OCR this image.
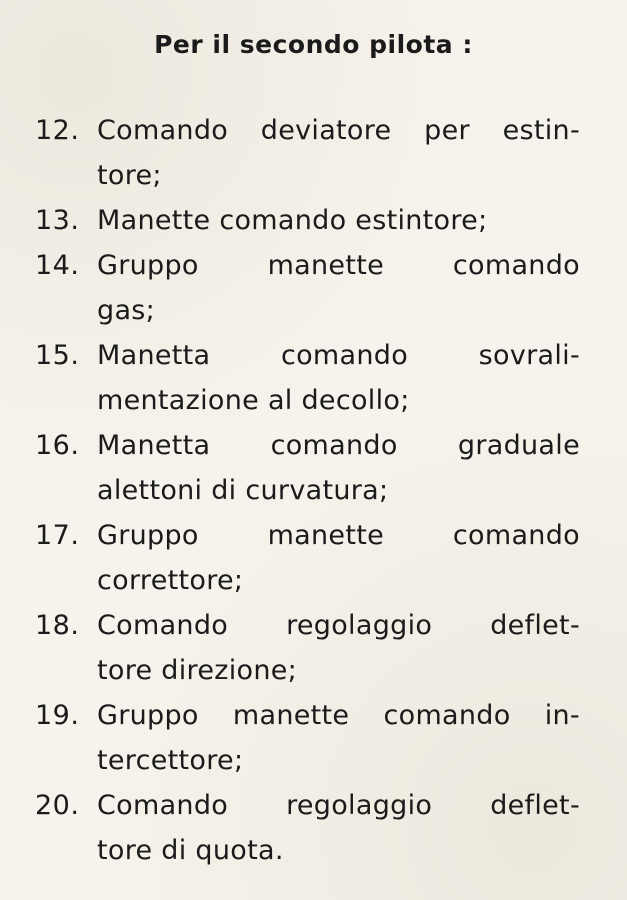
Per il secondo pilota :
12. Comando deviatore per estin-
tore;
13. Manette comando estintore;
14. Gruppo	manette	comando
gas;
15. Manetta	comando	sovrali-
mentazione al decollo;
16. Manetta comando graduale
alettoni di curvatura;
17. Gruppo	manette	comando
correttore;
18. Comando regolaggio deflet-
tore direzione;
19. Gruppo manette comando in-
tercettore;
20. Comando regolaggio deflet-
tore di quota.
